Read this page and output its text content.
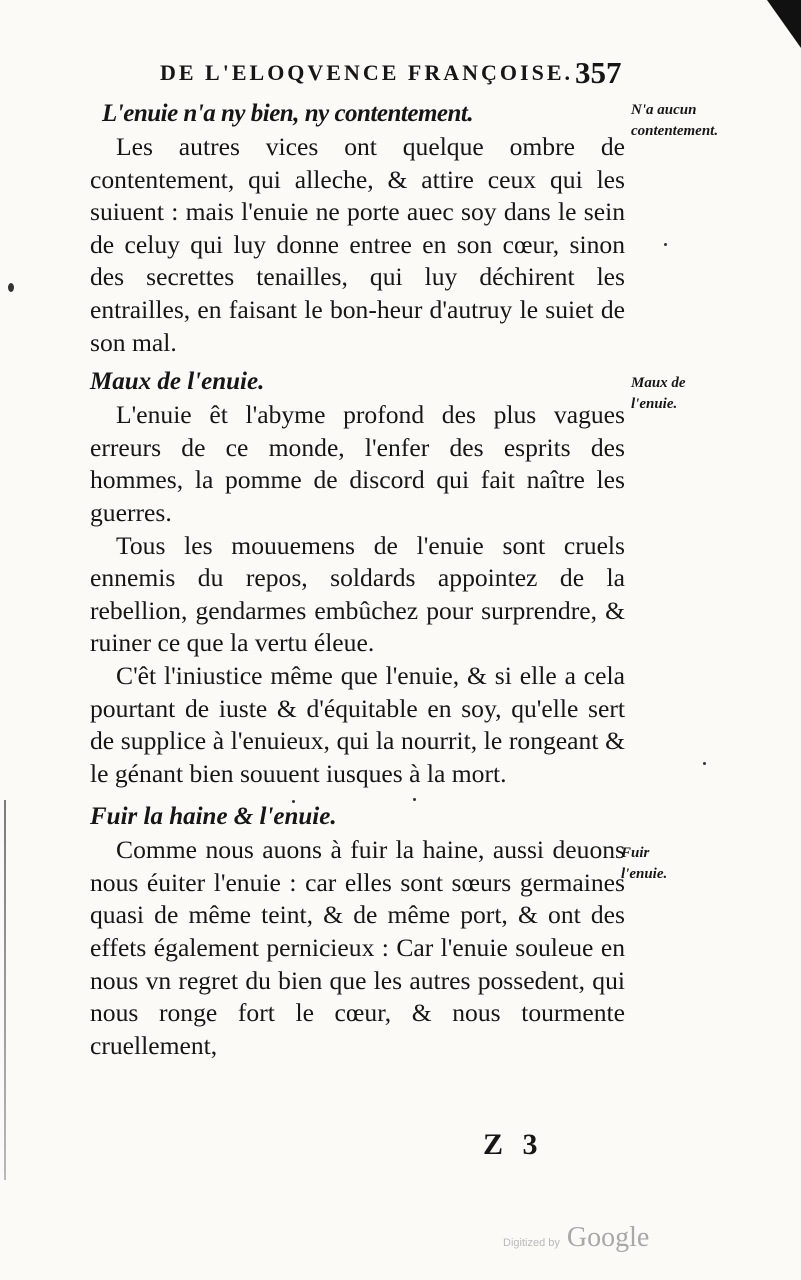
DE L'ELOQVENCE FRANÇOISE. 357
L'enuie n'a ny bien, ny contentement.

Les autres vices ont quelque ombre de contentement, qui alleche, & attire ceux qui les suiuent : mais l'enuie ne porte auec soy dans le sein de celuy qui luy donne entree en son cœur, sinon des secrettes tenailles, qui luy déchirent les entrailles, en faisant le bon-heur d'autruy le suiet de son mal.

Maux de l'enuie.

L'enuie êt l'abyme profond des plus vagues erreurs de ce monde, l'enfer des esprits des hommes, la pomme de discord qui fait naître les guerres.

Tous les mouuemens de l'enuie sont cruels ennemis du repos, soldards appointez de la rebellion, gendarmes embûchez pour surprendre, & ruiner ce que la vertu éleue.

C'êt l'iniustice même que l'enuie, & si elle a cela pourtant de iuste & d'équitable en soy, qu'elle sert de supplice à l'enuieux, qui la nourrit, le rongeant & le génant bien souuent iusques à la mort.

Fuir la haine & l'enuie.

Comme nous auons à fuir la haine, aussi deuons nous éuiter l'enuie : car elles sont sœurs germaines quasi de même teint, & de même port, & ont des effets également pernicieux : Car l'enuie souleue en nous vn regret du bien que les autres possedent, qui nous ronge fort le cœur, & nous tourmente cruellement,

N'a aucun
contentement.
Maux de
l'enuie.
Fuir
l'enuie.
Z 3
Digitized by Google
